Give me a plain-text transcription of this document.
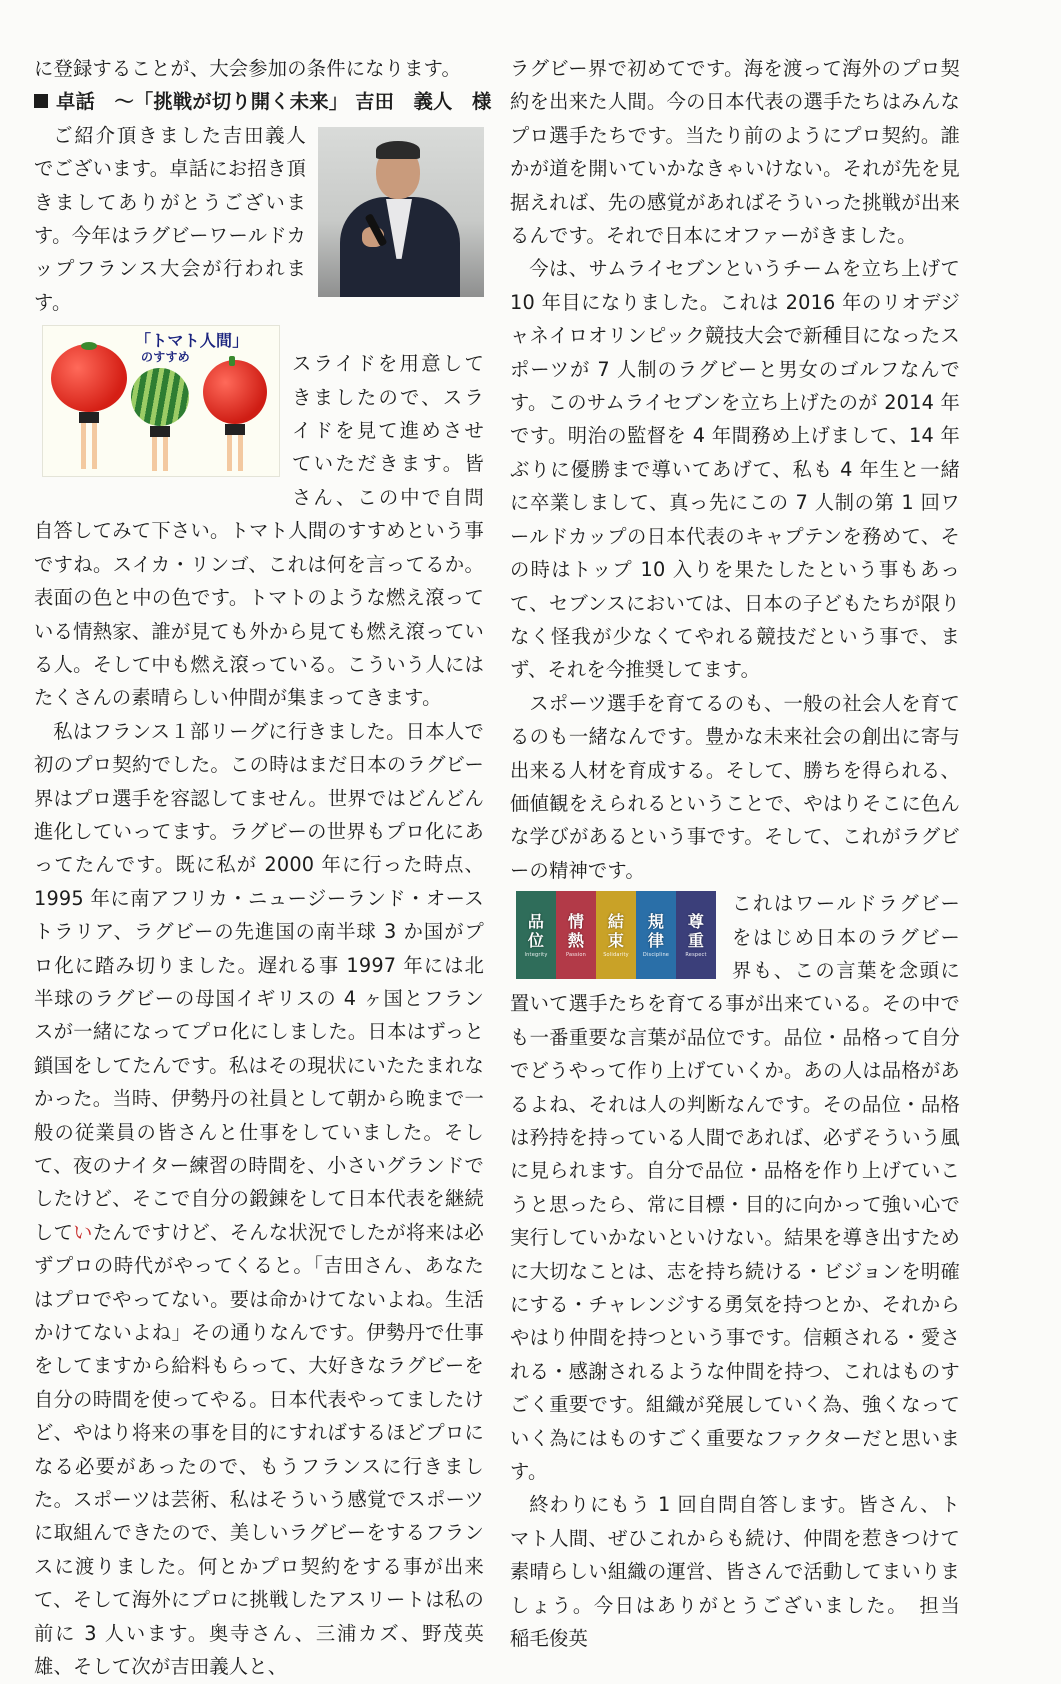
に登録することが、大会参加の条件になります。

卓話　～「挑戦が切り開く未来」 吉田　義人　様

ご紹介頂きました吉田義人でございます。卓話にお招き頂きましてありがとうございます。今年はラグビーワールドカップフランス大会が行われます。

「トマト人間」
のすすめ	スライドを用意してきましたので、スライドを見て進めさせていただきます。皆さん、この中で自問自答してみて下さい。トマト人間のすすめという事ですね。スイカ・リンゴ、これは何を言ってるか。表面の色と中の色です。トマトのような燃え滾っている情熱家、誰が見ても外から見ても燃え滾っている人。そして中も燃え滾っている。こういう人にはたくさんの素晴らしい仲間が集まってきます。

私はフランス１部リーグに行きました。日本人で初のプロ契約でした。この時はまだ日本のラグビー界はプロ選手を容認してません。世界ではどんどん進化していってます。ラグビーの世界もプロ化にあってたんです。既に私が 2000 年に行った時点、1995 年に南アフリカ・ニュージーランド・オーストラリア、ラグビーの先進国の南半球 3 か国がプロ化に踏み切りました。遅れる事 1997 年には北半球のラグビーの母国イギリスの 4 ヶ国とフランスが一緒になってプロ化にしました。日本はずっと鎖国をしてたんです。私はその現状にいたたまれなかった。当時、伊勢丹の社員として朝から晩まで一般の従業員の皆さんと仕事をしていました。そして、夜のナイター練習の時間を、小さいグランドでしたけど、そこで自分の鍛錬をして日本代表を継続していたんですけど、そんな状況でしたが将来は必ずプロの時代がやってくると。「吉田さん、あなたはプロでやってない。要は命かけてないよね。生活かけてないよね」その通りなんです。伊勢丹で仕事をしてますから給料もらって、大好きなラグビーを自分の時間を使ってやる。日本代表やってましたけど、やはり将来の事を目的にすればするほどプロになる必要があったので、もうフランスに行きました。スポーツは芸術、私はそういう感覚でスポーツに取組んできたので、美しいラグビーをするフランスに渡りました。何とかプロ契約をする事が出来て、そして海外にプロに挑戦したアスリートは私の前に 3 人います。奥寺さん、三浦カズ、野茂英雄、そして次が吉田義人と、

ラグビー界で初めてです。海を渡って海外のプロ契約を出来た人間。今の日本代表の選手たちはみんなプロ選手たちです。当たり前のようにプロ契約。誰かが道を開いていかなきゃいけない。それが先を見据えれば、先の感覚があればそういった挑戦が出来るんです。それで日本にオファーがきました。

今は、サムライセブンというチームを立ち上げて 10 年目になりました。これは 2016 年のリオデジャネイロオリンピック競技大会で新種目になったスポーツが 7 人制のラグビーと男女のゴルフなんです。このサムライセブンを立ち上げたのが 2014 年です。明治の監督を 4 年間務め上げまして、14 年ぶりに優勝まで導いてあげて、私も 4 年生と一緒に卒業しまして、真っ先にこの 7 人制の第 1 回ワールドカップの日本代表のキャプテンを務めて、その時はトップ 10 入りを果たしたという事もあって、セブンスにおいては、日本の子どもたちが限りなく怪我が少なくてやれる競技だという事で、まず、それを今推奨してます。

スポーツ選手を育てるのも、一般の社会人を育てるのも一緒なんです。豊かな未来社会の創出に寄与出来る人材を育成する。そして、勝ちを得られる、価値観をえられるということで、やはりそこに色んな学びがあるという事です。そして、これがラグビーの精神です。

品
位
Integrity
情
熱
Passion
結
束
Solidarity
規
律
Discipline
尊
重
Respect

これはワールドラグビーをはじめ日本のラグビー界も、この言葉を念頭に置いて選手たちを育てる事が出来ている。その中でも一番重要な言葉が品位です。品位・品格って自分でどうやって作り上げていくか。あの人は品格があるよね、それは人の判断なんです。その品位・品格は矜持を持っている人間であれば、必ずそういう風に見られます。自分で品位・品格を作り上げていこうと思ったら、常に目標・目的に向かって強い心で実行していかないといけない。結果を導き出すために大切なことは、志を持ち続ける・ビジョンを明確にする・チャレンジする勇気を持つとか、それからやはり仲間を持つという事です。信頼される・愛される・感謝されるような仲間を持つ、これはものすごく重要です。組織が発展していく為、強くなっていく為にはものすごく重要なファクターだと思います。

終わりにもう 1 回自問自答します。皆さん、トマト人間、ぜひこれからも続け、仲間を惹きつけて素晴らしい組織の運営、皆さんで活動してまいりましょう。今日はありがとうございました。　担当　稲毛俊英
